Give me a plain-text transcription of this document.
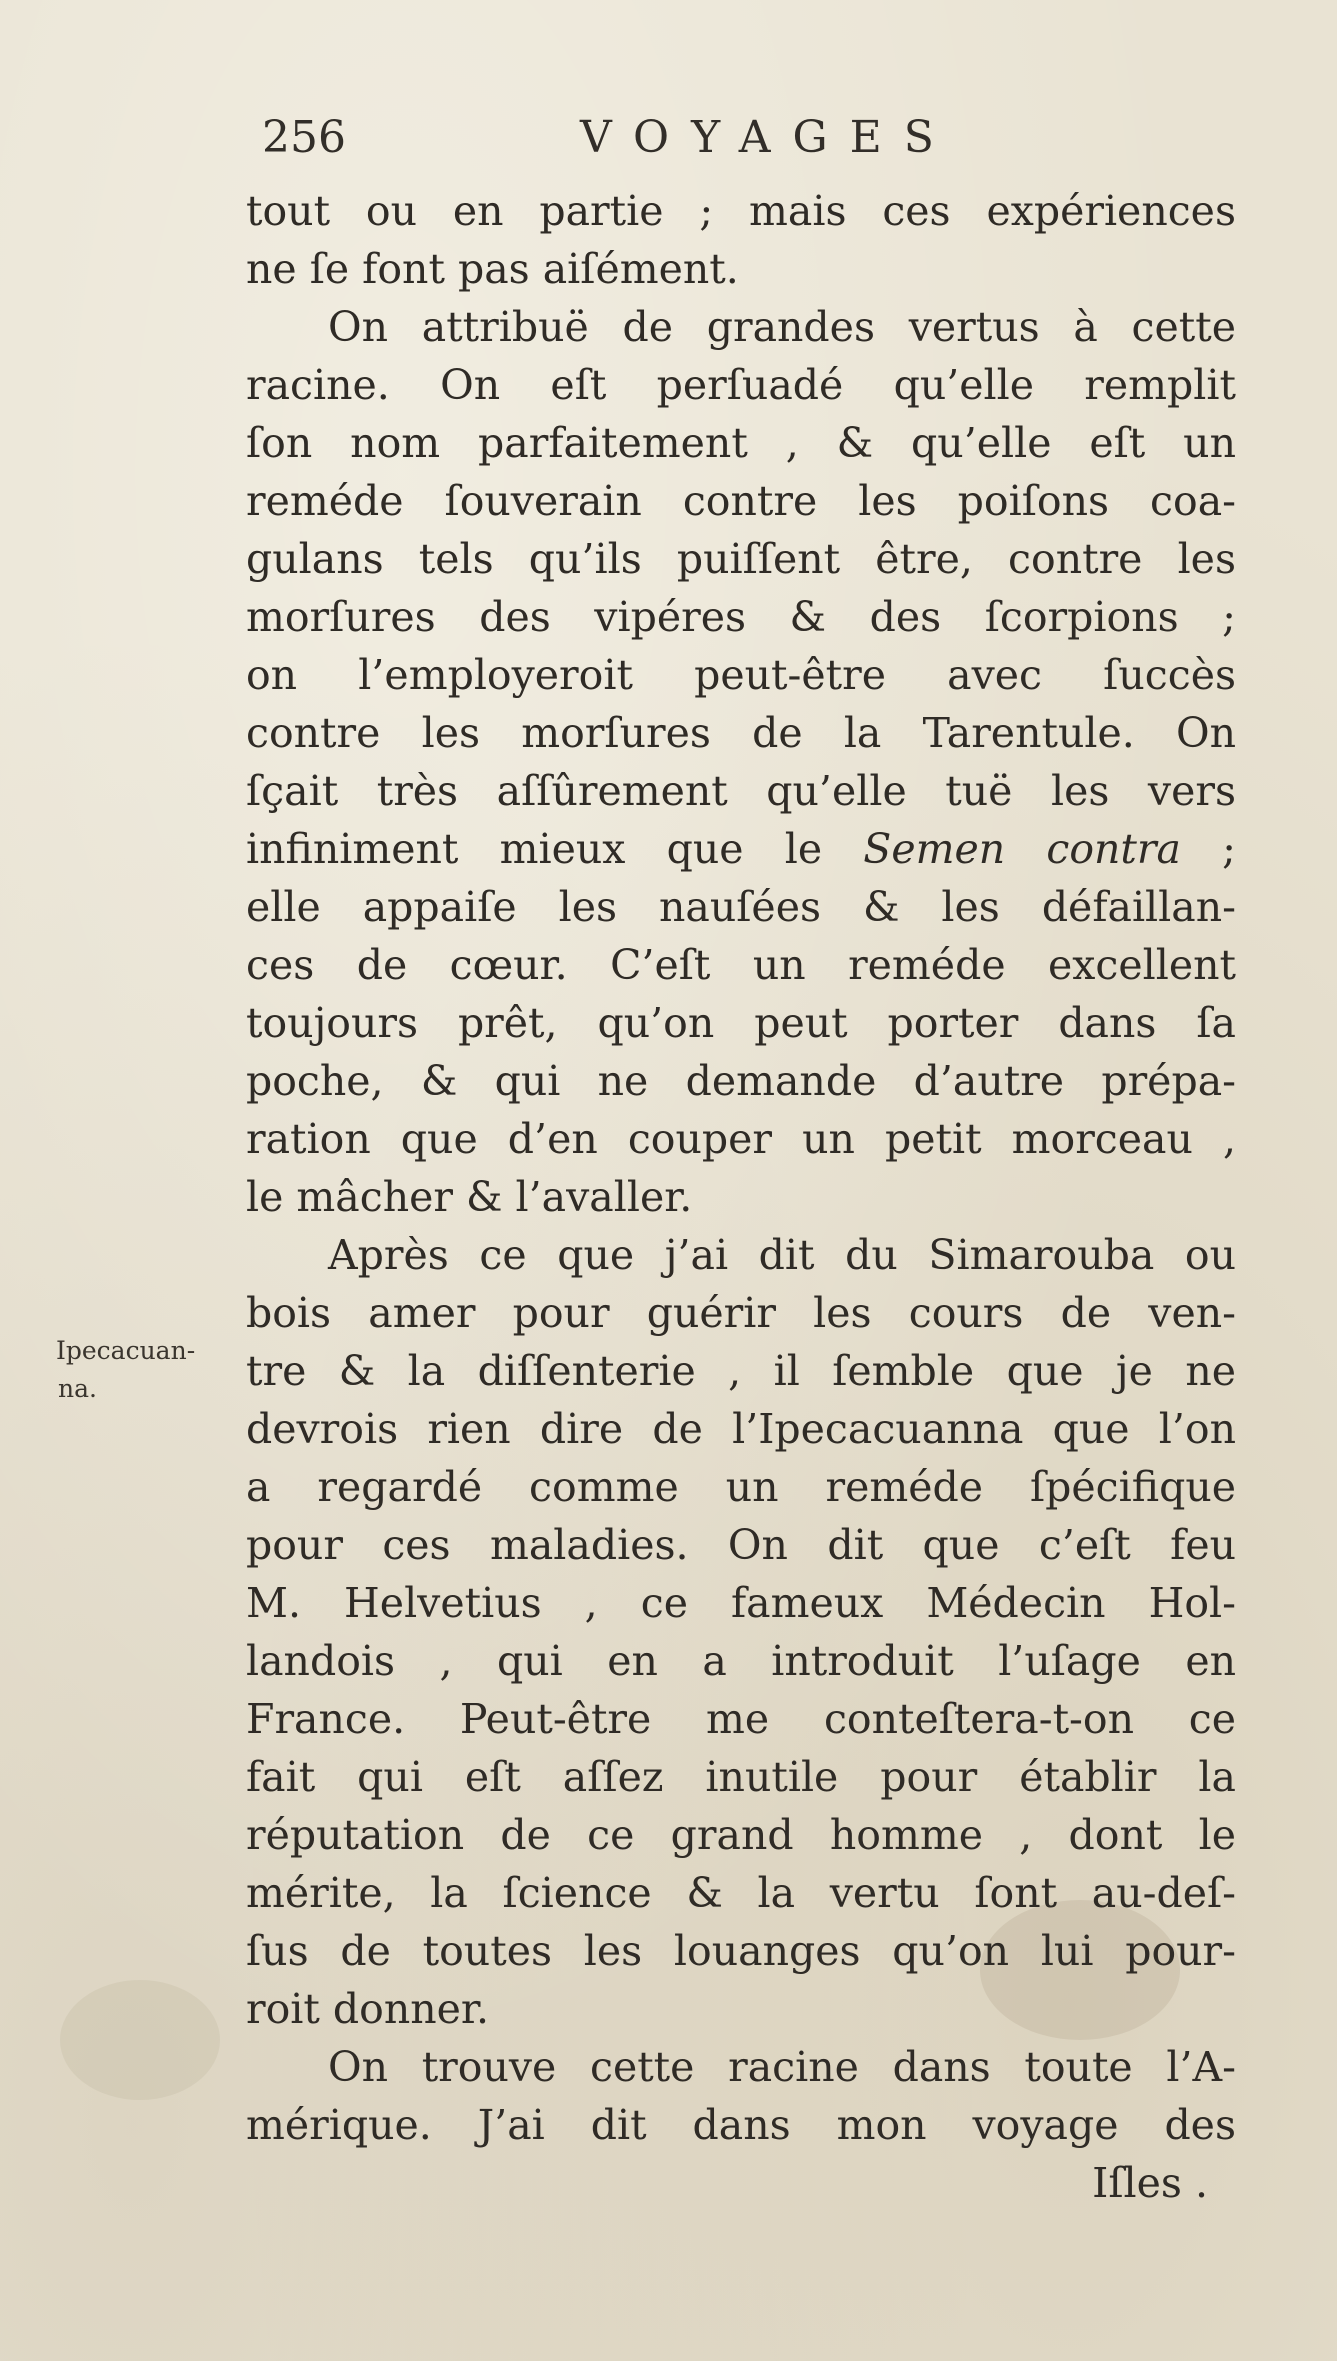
256	VOYAGES
Ipecacuan-
na.
tout ou en partie ; mais ces expériences
ne ſe font pas aiſément.
On attribuë de grandes vertus à cette
racine. On eſt perſuadé qu’elle remplit
ſon nom parfaitement , & qu’elle eſt un
reméde ſouverain contre les poiſons coa-
gulans tels qu’ils puiſſent être, contre les
morſures des vipéres & des ſcorpions ;
on l’employeroit peut-être avec ſuccès
contre les morſures de la Tarentule. On
ſçait très aſſûrement qu’elle tuë les vers
infiniment mieux que le Semen contra ;
elle appaiſe les nauſées & les défaillan-
ces de cœur. C’eſt un reméde excellent
toujours prêt, qu’on peut porter dans ſa
poche, & qui ne demande d’autre prépa-
ration que d’en couper un petit morceau ,
le mâcher & l’avaller.
Après ce que j’ai dit du Simarouba ou
bois amer pour guérir les cours de ven-
tre & la diſſenterie , il ſemble que je ne
devrois rien dire de l’Ipecacuanna que l’on
a regardé comme un reméde ſpécifique
pour ces maladies. On dit que c’eſt feu
M. Helvetius , ce fameux Médecin Hol-
landois , qui en a introduit l’uſage en
France. Peut-être me conteſtera-t-on ce
fait qui eſt aſſez inutile pour établir la
réputation de ce grand homme , dont le
mérite, la ſcience & la vertu ſont au-deſ-
ſus de toutes les louanges qu’on lui pour-
roit donner.
On trouve cette racine dans toute l’A-
mérique. J’ai dit dans mon voyage des
Iſles .
